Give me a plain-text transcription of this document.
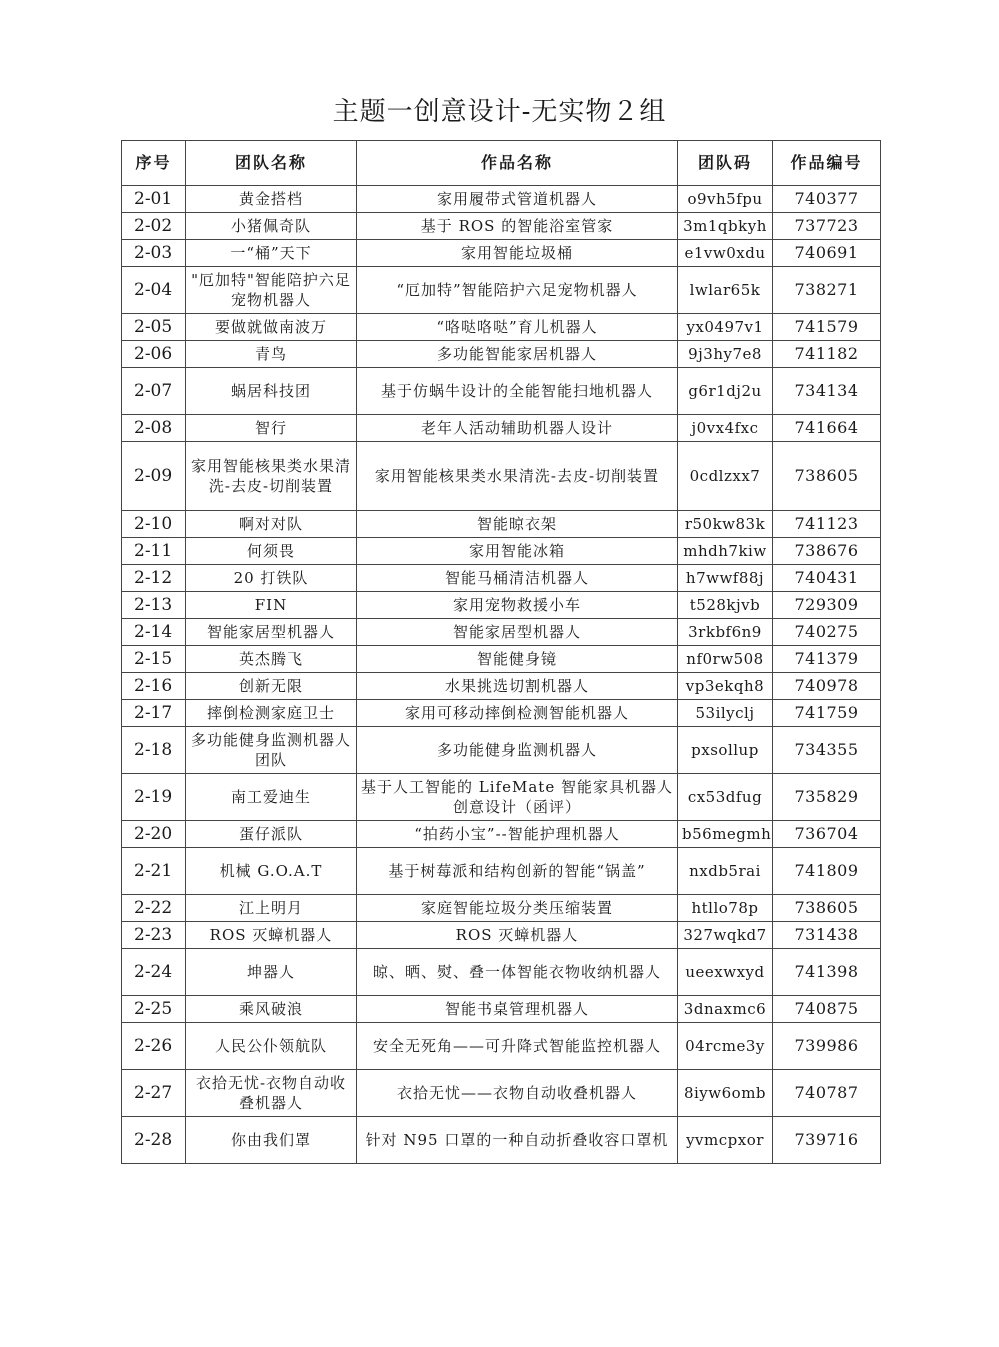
主题一创意设计-无实物２组
序号	团队名称	作品名称	团队码	作品编号
2-01	黄金搭档	家用履带式管道机器人	o9vh5fpu	740377
2-02	小猪佩奇队	基于 ROS 的智能浴室管家	3m1qbkyh	737723
2-03	一“桶”天下	家用智能垃圾桶	e1vw0xdu	740691
2-04	"厄加特"智能陪护六足宠物机器人	“厄加特”智能陪护六足宠物机器人	lwlar65k	738271
2-05	要做就做南波万	“咯哒咯哒”育儿机器人	yx0497v1	741579
2-06	青鸟	多功能智能家居机器人	9j3hy7e8	741182
2-07	蜗居科技团	基于仿蜗牛设计的全能智能扫地机器人	g6r1dj2u	734134
2-08	智行	老年人活动辅助机器人设计	j0vx4fxc	741664
2-09	家用智能核果类水果清洗-去皮-切削装置	家用智能核果类水果清洗-去皮-切削装置	0cdlzxx7	738605
2-10	啊对对队	智能晾衣架	r50kw83k	741123
2-11	何须畏	家用智能冰箱	mhdh7kiw	738676
2-12	20 打铁队	智能马桶清洁机器人	h7wwf88j	740431
2-13	FIN	家用宠物救援小车	t528kjvb	729309
2-14	智能家居型机器人	智能家居型机器人	3rkbf6n9	740275
2-15	英杰腾飞	智能健身镜	nf0rw508	741379
2-16	创新无限	水果挑选切割机器人	vp3ekqh8	740978
2-17	摔倒检测家庭卫士	家用可移动摔倒检测智能机器人	53ilyclj	741759
2-18	多功能健身监测机器人团队	多功能健身监测机器人	pxsollup	734355
2-19	南工爱迪生	基于人工智能的 LifeMate 智能家具机器人 创意设计（函评）	cx53dfug	735829
2-20	蛋仔派队	“拍药小宝”--智能护理机器人	b56megmh	736704
2-21	机械 G.O.A.T	基于树莓派和结构创新的智能“锅盖”	nxdb5rai	741809
2-22	江上明月	家庭智能垃圾分类压缩装置	htllo78p	738605
2-23	ROS 灭蟑机器人	ROS 灭蟑机器人	327wqkd7	731438
2-24	坤器人	晾、晒、熨、叠一体智能衣物收纳机器人	ueexwxyd	741398
2-25	乘风破浪	智能书桌管理机器人	3dnaxmc6	740875
2-26	人民公仆领航队	安全无死角——可升降式智能监控机器人	04rcme3y	739986
2-27	衣拾无忧-衣物自动收叠机器人	衣拾无忧——衣物自动收叠机器人	8iyw6omb	740787
2-28	你由我们罩	针对 N95 口罩的一种自动折叠收容口罩机	yvmcpxor	739716
